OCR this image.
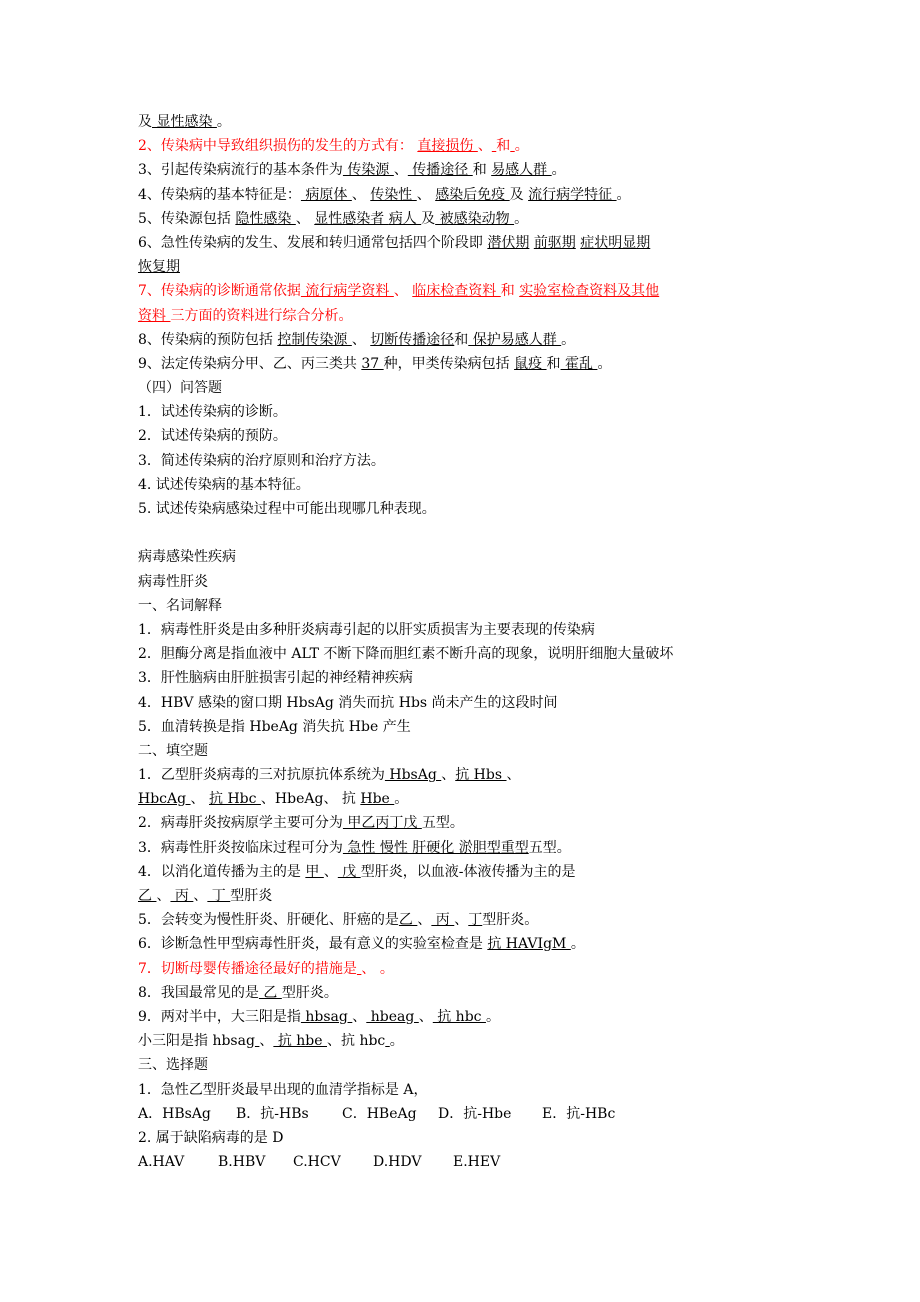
及 显性感染 。
2、传染病中导致组织损伤的发生的方式有： 直接损伤 、 和 。
3、引起传染病流行的基本条件为 传染源 、 传播途径 和 易感人群 。
4、传染病的基本特征是： 病原体 、 传染性 、 感染后免疫 及 流行病学特征 。
5、传染源包括 隐性感染 、 显性感染者 病人 及 被感染动物 。
6、急性传染病的发生、发展和转归通常包括四个阶段即 潜伏期 前驱期 症状明显期
恢复期
7、传染病的诊断通常依据 流行病学资料 、 临床检查资料 和 实验室检查资料及其他
资料 三方面的资料进行综合分析。
8、传染病的预防包括 控制传染源 、 切断传播途径和 保护易感人群 。
9、法定传染病分甲、乙、丙三类共 37 种，甲类传染病包括 鼠疫 和 霍乱 。
（四）问答题
1．试述传染病的诊断。
2．试述传染病的预防。
3．简述传染病的治疗原则和治疗方法。
4. 试述传染病的基本特征。
5. 试述传染病感染过程中可能出现哪几种表现。
病毒感染性疾病
病毒性肝炎
一、名词解释
1．病毒性肝炎是由多种肝炎病毒引起的以肝实质损害为主要表现的传染病
2．胆酶分离是指血液中 ALT 不断下降而胆红素不断升高的现象，说明肝细胞大量破坏
3．肝性脑病由肝脏损害引起的神经精神疾病
4．HBV 感染的窗口期 HbsAg 消失而抗 Hbs 尚未产生的这段时间
5．血清转换是指 HbeAg 消失抗 Hbe 产生
二、填空题
1．乙型肝炎病毒的三对抗原抗体系统为 HbsAg 、抗 Hbs 、
HbcAg 、 抗 Hbc 、HbeAg、 抗 Hbe 。
2．病毒肝炎按病原学主要可分为 甲乙丙丁戊 五型。
3．病毒性肝炎按临床过程可分为 急性 慢性 肝硬化 淤胆型重型五型。
4．以消化道传播为主的是 甲 、 戊 型肝炎，以血液-体液传播为主的是
乙 、 丙 、 丁 型肝炎
5．会转变为慢性肝炎、肝硬化、肝癌的是乙 、 丙 、丁型肝炎。
6．诊断急性甲型病毒性肝炎，最有意义的实验室检查是 抗 HAVIgM 。
7．切断母婴传播途径最好的措施是 、 。
8．我国最常见的是 乙 型肝炎。
9．两对半中，大三阳是指 hbsag 、 hbeag 、 抗 hbc 。
小三阳是指 hbsag 、 抗 hbe 、抗 hbc 。
三、选择题
1．急性乙型肝炎最早出现的血清学指标是 A，
A．HBsAg B．抗-HBs C．HBeAg D．抗-Hbe E．抗-HBc
2. 属于缺陷病毒的是 D
A.HAV B.HBV C.HCV D.HDV E.HEV
